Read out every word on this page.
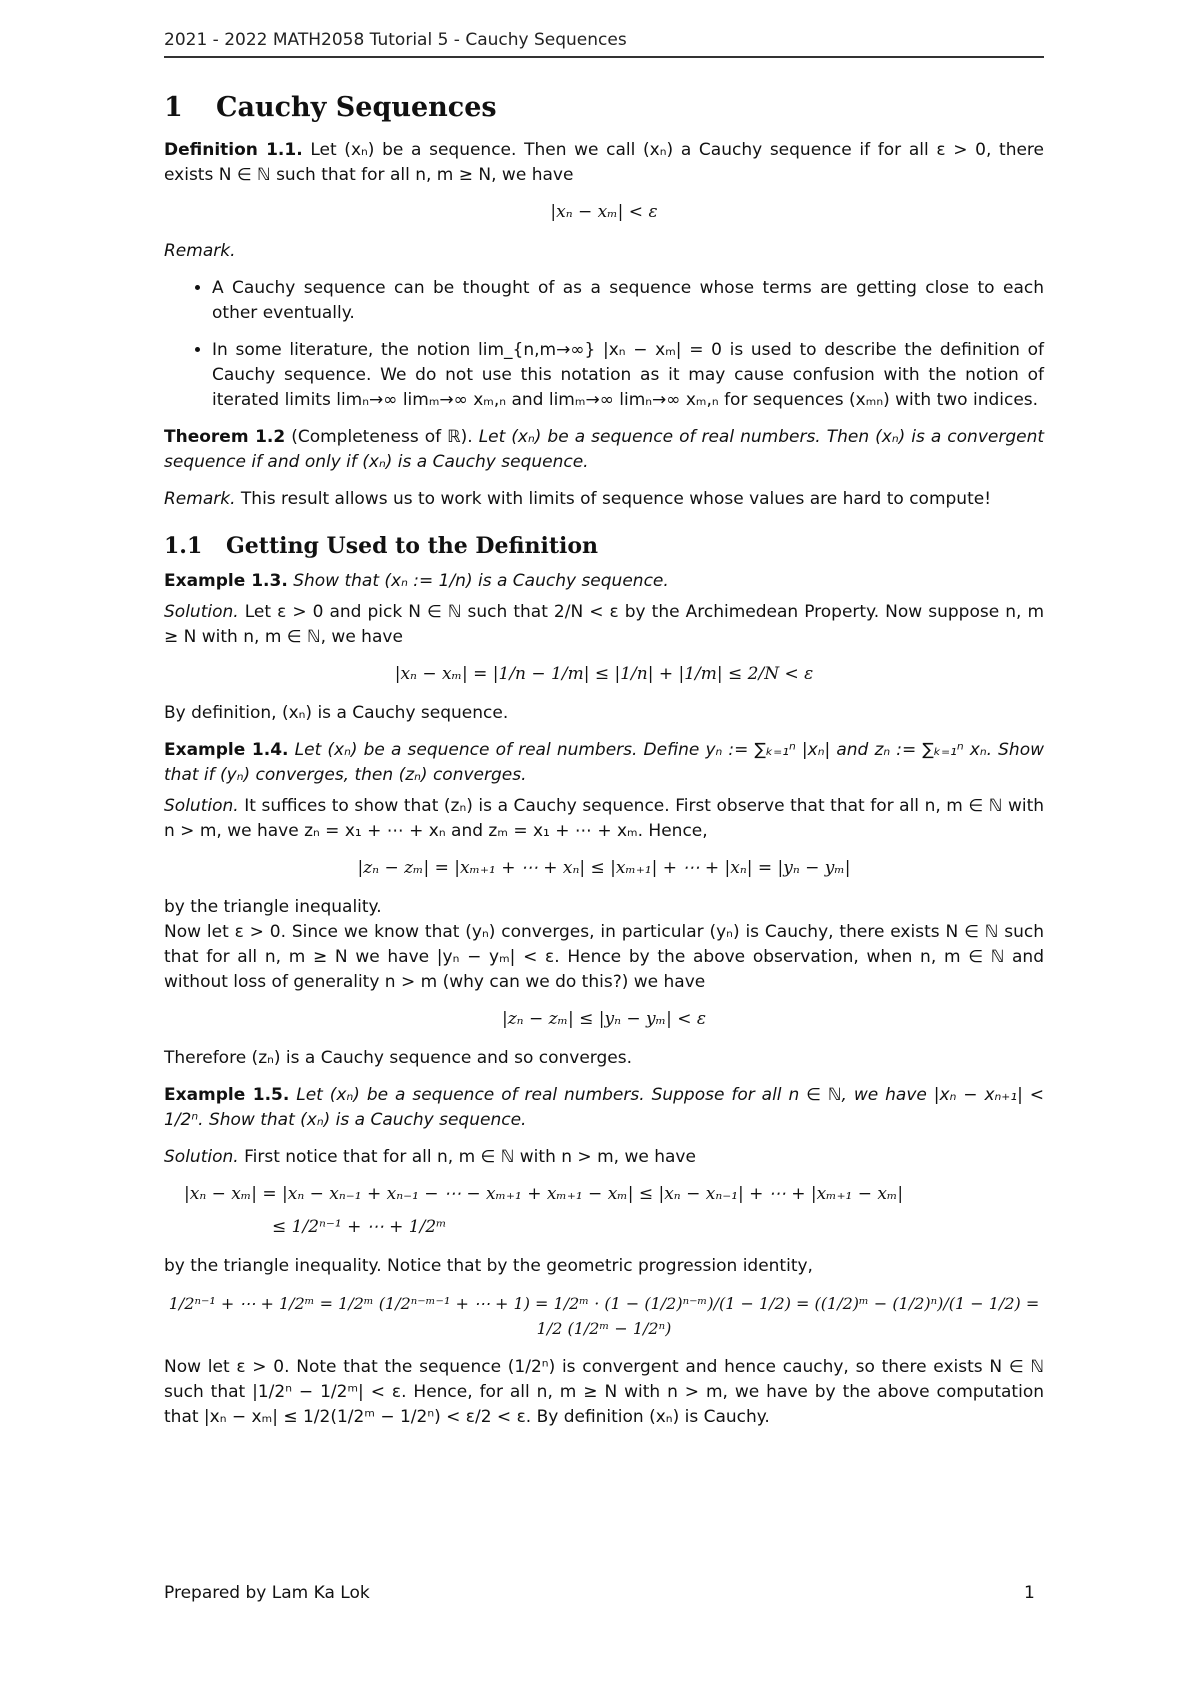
2021 - 2022 MATH2058 Tutorial 5 - Cauchy Sequences
1 Cauchy Sequences

Definition 1.1. Let (xₙ) be a sequence. Then we call (xₙ) a Cauchy sequence if for all ε > 0, there exists N ∈ ℕ such that for all n, m ≥ N, we have

|xₙ − xₘ| < ε

Remark.

• A Cauchy sequence can be thought of as a sequence whose terms are getting close to each other eventually.
• In some literature, the notion lim_{n,m→∞} |xₙ − xₘ| = 0 is used to describe the definition of Cauchy sequence. We do not use this notation as it may cause confusion with the notion of iterated limits limₙ→∞ limₘ→∞ xₘ,ₙ and limₘ→∞ limₙ→∞ xₘ,ₙ for sequences (xₘₙ) with two indices.

Theorem 1.2 (Completeness of ℝ). Let (xₙ) be a sequence of real numbers. Then (xₙ) is a convergent sequence if and only if (xₙ) is a Cauchy sequence.

Remark. This result allows us to work with limits of sequence whose values are hard to compute!

1.1 Getting Used to the Definition

Example 1.3. Show that (xₙ := 1/n) is a Cauchy sequence.

Solution. Let ε > 0 and pick N ∈ ℕ such that 2/N < ε by the Archimedean Property. Now suppose n, m ≥ N with n, m ∈ ℕ, we have

|xₙ − xₘ| = |1/n − 1/m| ≤ |1/n| + |1/m| ≤ 2/N < ε

By definition, (xₙ) is a Cauchy sequence.

Example 1.4. Let (xₙ) be a sequence of real numbers. Define yₙ := ∑ₖ₌₁ⁿ |xₙ| and zₙ := ∑ₖ₌₁ⁿ xₙ. Show that if (yₙ) converges, then (zₙ) converges.

Solution. It suffices to show that (zₙ) is a Cauchy sequence. First observe that that for all n, m ∈ ℕ with n > m, we have zₙ = x₁ + ⋯ + xₙ and zₘ = x₁ + ⋯ + xₘ. Hence,

|zₙ − zₘ| = |xₘ₊₁ + ⋯ + xₙ| ≤ |xₘ₊₁| + ⋯ + |xₙ| = |yₙ − yₘ|

by the triangle inequality.

Now let ε > 0. Since we know that (yₙ) converges, in particular (yₙ) is Cauchy, there exists N ∈ ℕ such that for all n, m ≥ N we have |yₙ − yₘ| < ε. Hence by the above observation, when n, m ∈ ℕ and without loss of generality n > m (why can we do this?) we have

|zₙ − zₘ| ≤ |yₙ − yₘ| < ε

Therefore (zₙ) is a Cauchy sequence and so converges.

Example 1.5. Let (xₙ) be a sequence of real numbers. Suppose for all n ∈ ℕ, we have |xₙ − xₙ₊₁| < 1/2ⁿ. Show that (xₙ) is a Cauchy sequence.

Solution. First notice that for all n, m ∈ ℕ with n > m, we have

|xₙ − xₘ| = |xₙ − xₙ₋₁ + xₙ₋₁ − ⋯ − xₘ₊₁ + xₘ₊₁ − xₘ| ≤ |xₙ − xₙ₋₁| + ⋯ + |xₘ₊₁ − xₘ|
≤ 1/2ⁿ⁻¹ + ⋯ + 1/2ᵐ

by the triangle inequality. Notice that by the geometric progression identity,

1/2ⁿ⁻¹ + ⋯ + 1/2ᵐ = 1/2ᵐ (1/2ⁿ⁻ᵐ⁻¹ + ⋯ + 1) = 1/2ᵐ · (1 − (1/2)ⁿ⁻ᵐ)/(1 − 1/2) = ((1/2)ᵐ − (1/2)ⁿ)/(1 − 1/2) = 1/2 (1/2ᵐ − 1/2ⁿ)

Now let ε > 0. Note that the sequence (1/2ⁿ) is convergent and hence cauchy, so there exists N ∈ ℕ such that |1/2ⁿ − 1/2ᵐ| < ε. Hence, for all n, m ≥ N with n > m, we have by the above computation that |xₙ − xₘ| ≤ 1/2(1/2ᵐ − 1/2ⁿ) < ε/2 < ε. By definition (xₙ) is Cauchy.

Prepared by Lam Ka Lok	1
